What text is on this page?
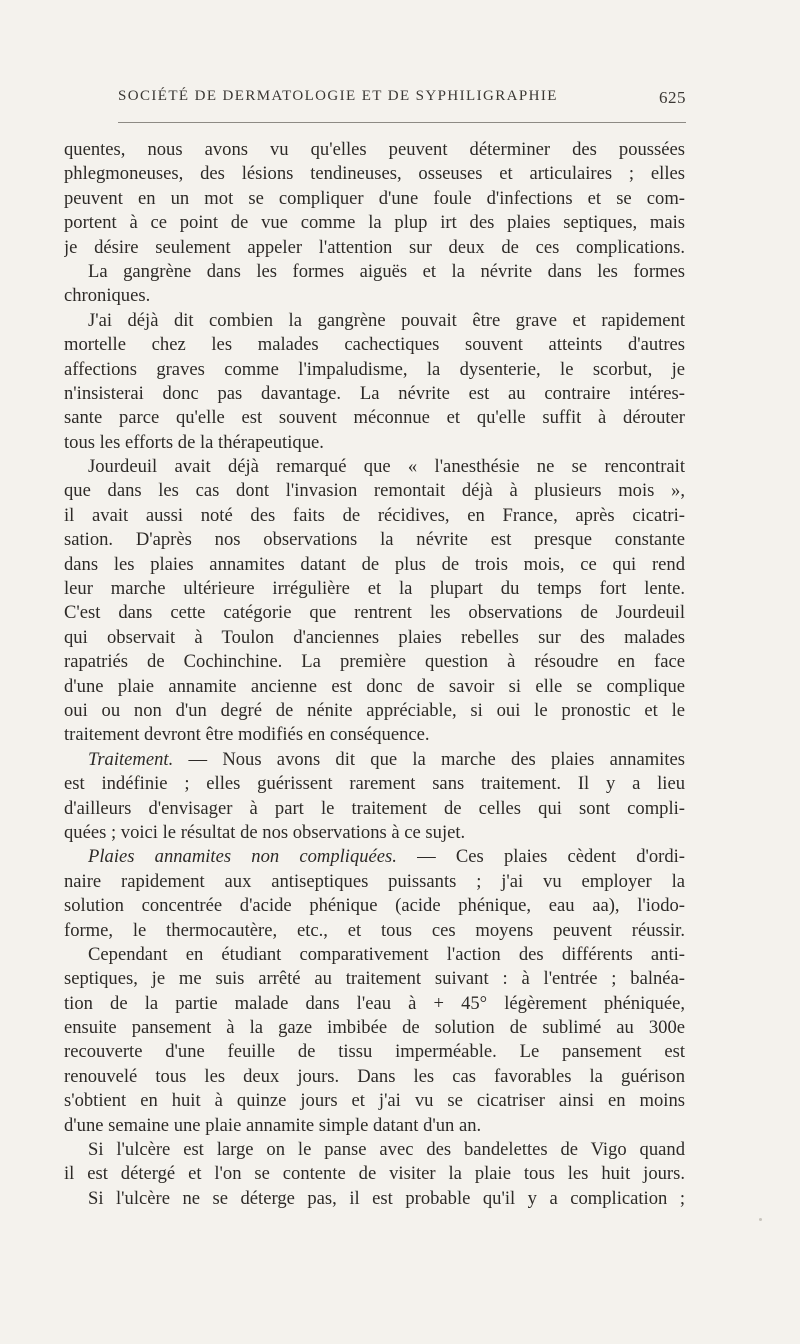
SOCIÉTÉ DE DERMATOLOGIE ET DE SYPHILIGRAPHIE	625
quentes, nous avons vu qu'elles peuvent déterminer des poussées
phlegmoneuses, des lésions tendineuses, osseuses et articulaires ; elles
peuvent en un mot se compliquer d'une foule d'infections et se com-
portent à ce point de vue comme la plup irt des plaies septiques, mais
je désire seulement appeler l'attention sur deux de ces complications.
La gangrène dans les formes aiguës et la névrite dans les formes
chroniques.
J'ai déjà dit combien la gangrène pouvait être grave et rapidement
mortelle chez les malades cachectiques souvent atteints d'autres
affections graves comme l'impaludisme, la dysenterie, le scorbut, je
n'insisterai donc pas davantage. La névrite est au contraire intéres-
sante parce qu'elle est souvent méconnue et qu'elle suffit à dérouter
tous les efforts de la thérapeutique.
Jourdeuil avait déjà remarqué que « l'anesthésie ne se rencontrait
que dans les cas dont l'invasion remontait déjà à plusieurs mois »,
il avait aussi noté des faits de récidives, en France, après cicatri-
sation. D'après nos observations la névrite est presque constante
dans les plaies annamites datant de plus de trois mois, ce qui rend
leur marche ultérieure irrégulière et la plupart du temps fort lente.
C'est dans cette catégorie que rentrent les observations de Jourdeuil
qui observait à Toulon d'anciennes plaies rebelles sur des malades
rapatriés de Cochinchine. La première question à résoudre en face
d'une plaie annamite ancienne est donc de savoir si elle se complique
oui ou non d'un degré de nénite appréciable, si oui le pronostic et le
traitement devront être modifiés en conséquence.
Traitement. — Nous avons dit que la marche des plaies annamites
est indéfinie ; elles guérissent rarement sans traitement. Il y a lieu
d'ailleurs d'envisager à part le traitement de celles qui sont compli-
quées ; voici le résultat de nos observations à ce sujet.
Plaies annamites non compliquées. — Ces plaies cèdent d'ordi-
naire rapidement aux antiseptiques puissants ; j'ai vu employer la
solution concentrée d'acide phénique (acide phénique, eau aa), l'iodo-
forme, le thermocautère, etc., et tous ces moyens peuvent réussir.
Cependant en étudiant comparativement l'action des différents anti-
septiques, je me suis arrêté au traitement suivant : à l'entrée ; balnéa-
tion de la partie malade dans l'eau à + 45° légèrement phéniquée,
ensuite pansement à la gaze imbibée de solution de sublimé au 300e
recouverte d'une feuille de tissu imperméable. Le pansement est
renouvelé tous les deux jours. Dans les cas favorables la guérison
s'obtient en huit à quinze jours et j'ai vu se cicatriser ainsi en moins
d'une semaine une plaie annamite simple datant d'un an.
Si l'ulcère est large on le panse avec des bandelettes de Vigo quand
il est détergé et l'on se contente de visiter la plaie tous les huit jours.
Si l'ulcère ne se déterge pas, il est probable qu'il y a complication ;
